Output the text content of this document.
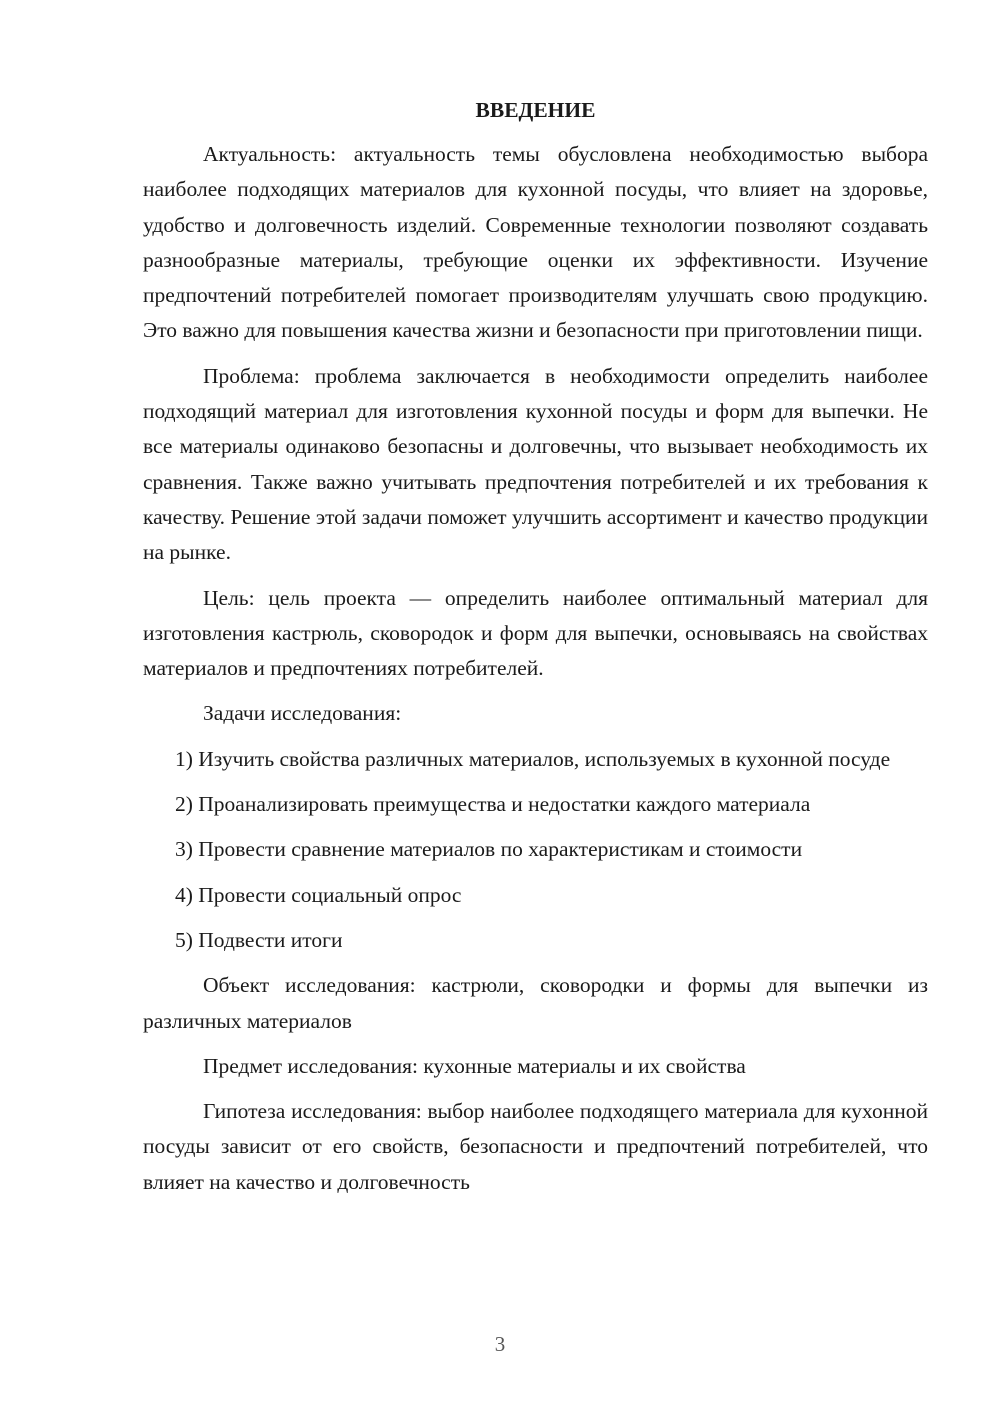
ВВЕДЕНИЕ

Актуальность: актуальность темы обусловлена необходимостью выбора наиболее подходящих материалов для кухонной посуды, что влияет на здоровье, удобство и долговечность изделий. Современные технологии позволяют создавать разнообразные материалы, требующие оценки их эффективности. Изучение предпочтений потребителей помогает производителям улучшать свою продукцию. Это важно для повышения качества жизни и безопасности при приготовлении пищи.

Проблема: проблема заключается в необходимости определить наиболее подходящий материал для изготовления кухонной посуды и форм для выпечки. Не все материалы одинаково безопасны и долговечны, что вызывает необходимость их сравнения. Также важно учитывать предпочтения потребителей и их требования к качеству. Решение этой задачи поможет улучшить ассортимент и качество продукции на рынке.

Цель: цель проекта — определить наиболее оптимальный материал для изготовления кастрюль, сковородок и форм для выпечки, основываясь на свойствах материалов и предпочтениях потребителей.

Задачи исследования:

1) Изучить свойства различных материалов, используемых в кухонной посуде

2) Проанализировать преимущества и недостатки каждого материала

3) Провести сравнение материалов по характеристикам и стоимости

4) Провести социальный опрос

5) Подвести итоги

Объект исследования: кастрюли, сковородки и формы для выпечки из различных материалов

Предмет исследования: кухонные материалы и их свойства

Гипотеза исследования: выбор наиболее подходящего материала для кухонной посуды зависит от его свойств, безопасности и предпочтений потребителей, что влияет на качество и долговечность

3
